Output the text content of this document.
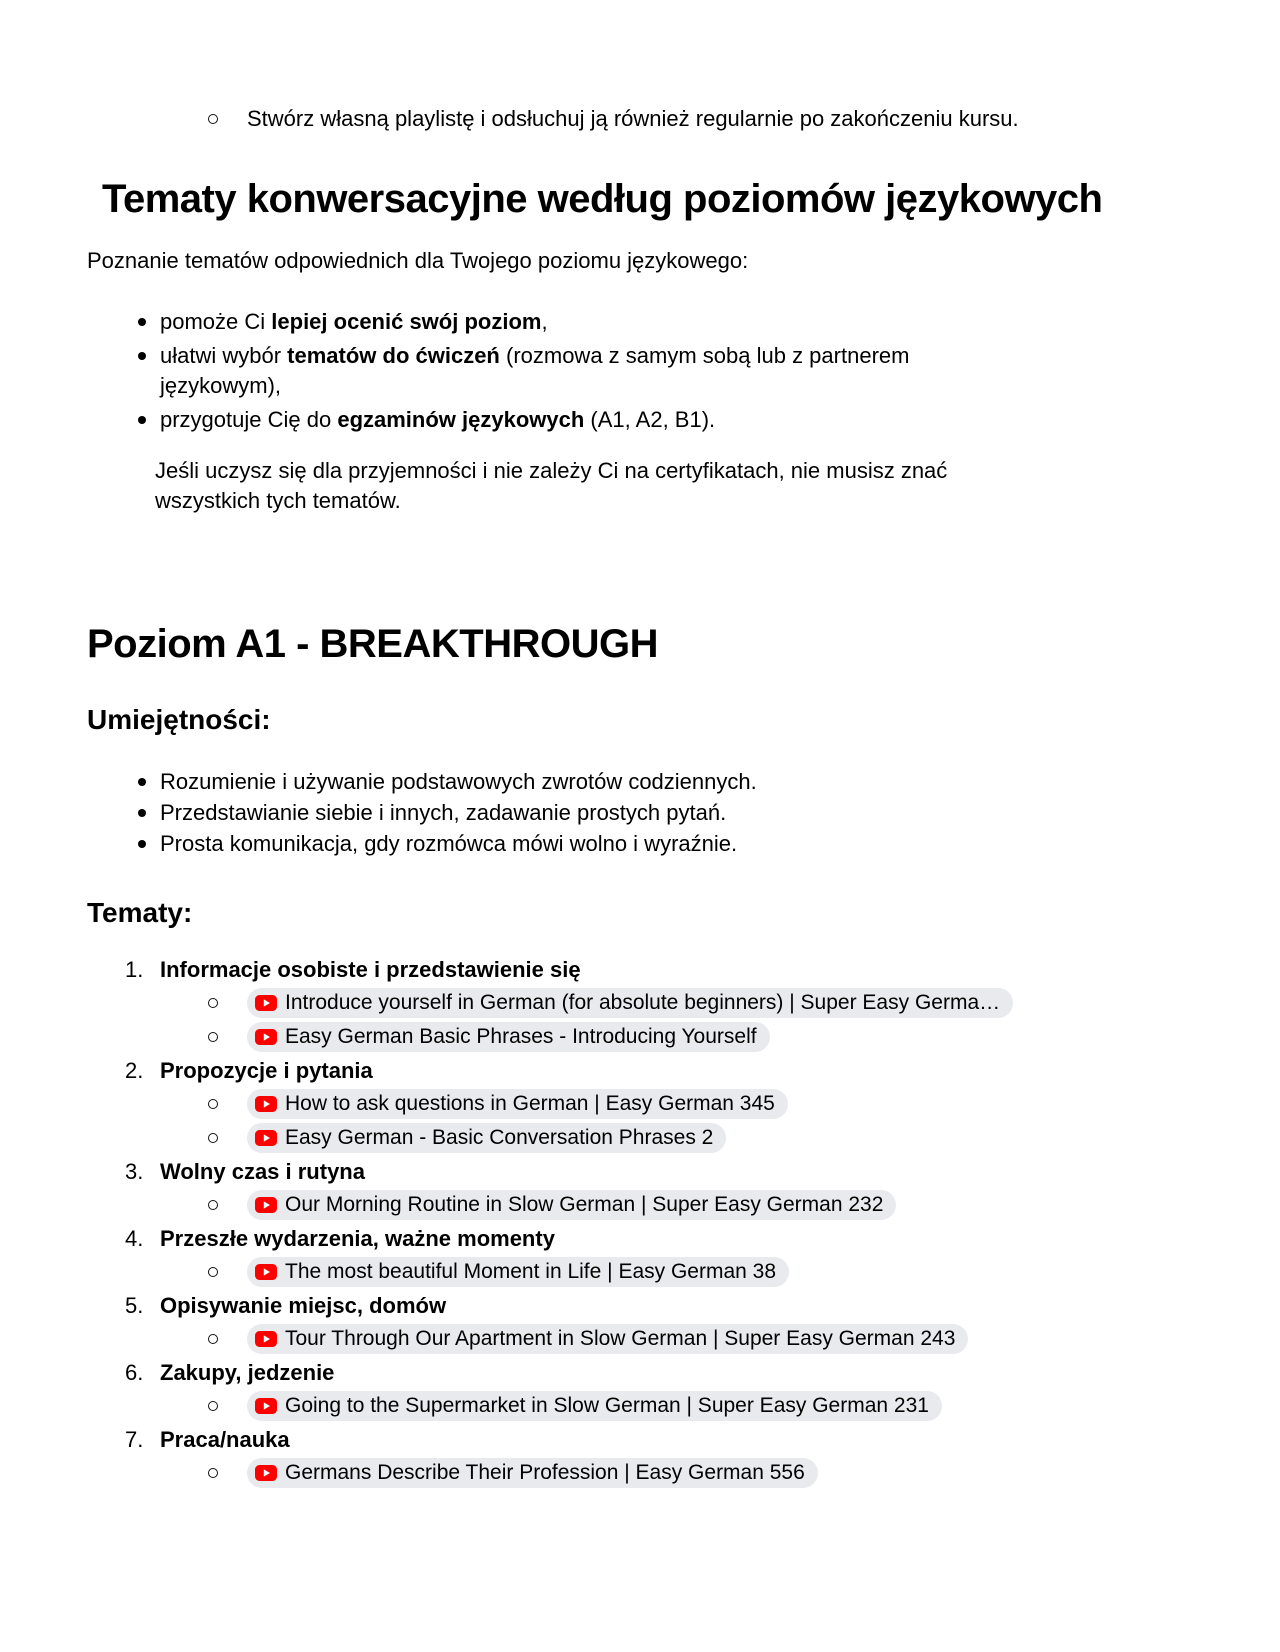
Stwórz własną playlistę i odsłuchuj ją również regularnie po zakończeniu kursu.
Tematy konwersacyjne według poziomów językowych

Poznanie tematów odpowiednich dla Twojego poziomu językowego:

pomoże Ci lepiej ocenić swój poziom,
ułatwi wybór tematów do ćwiczeń (rozmowa z samym sobą lub z partnerem językowym),
przygotuje Cię do egzaminów językowych (A1, A2, B1).

Jeśli uczysz się dla przyjemności i nie zależy Ci na certyfikatach, nie musisz znać wszystkich tych tematów.

Poziom A1 - BREAKTHROUGH
Umiejętności:
Rozumienie i używanie podstawowych zwrotów codziennych.
Przedstawianie siebie i innych, zadawanie prostych pytań.
Prosta komunikacja, gdy rozmówca mówi wolno i wyraźnie.
Tematy:
1. Informacje osobiste i przedstawienie się
Introduce yourself in German (for absolute beginners) | Super Easy Germa…
Easy German Basic Phrases - Introducing Yourself
2. Propozycje i pytania
How to ask questions in German | Easy German 345
Easy German - Basic Conversation Phrases 2
3. Wolny czas i rutyna
Our Morning Routine in Slow German | Super Easy German 232
4. Przeszłe wydarzenia, ważne momenty
The most beautiful Moment in Life | Easy German 38
5. Opisywanie miejsc, domów
Tour Through Our Apartment in Slow German | Super Easy German 243
6. Zakupy, jedzenie
Going to the Supermarket in Slow German | Super Easy German 231
7. Praca/nauka
Germans Describe Their Profession | Easy German 556
